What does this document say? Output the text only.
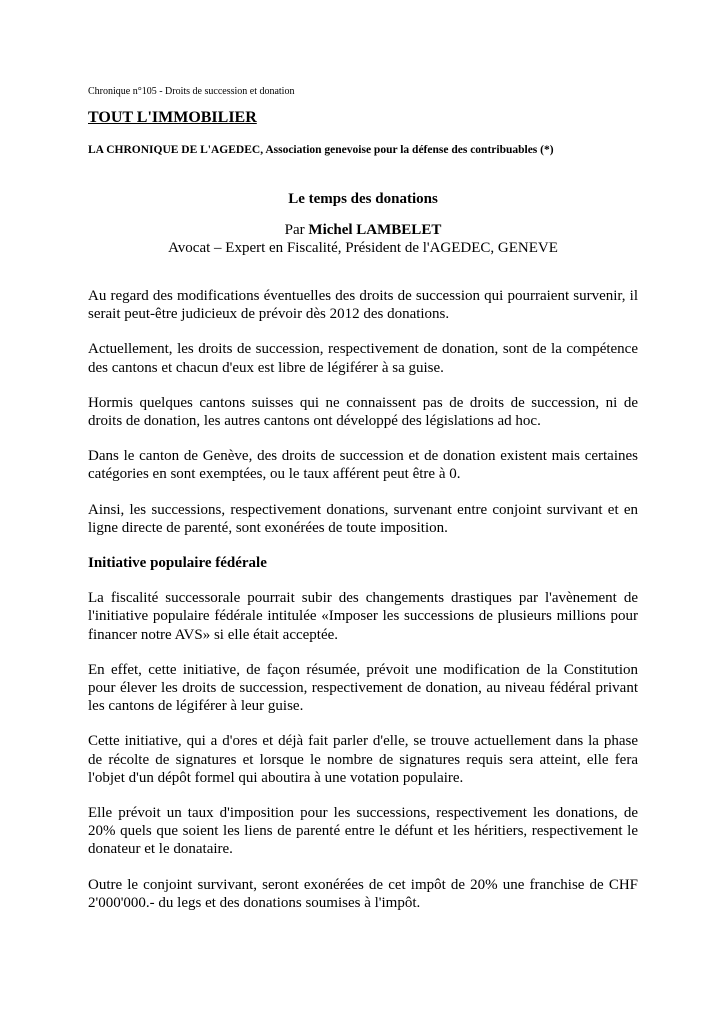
Chronique n°105 - Droits de succession et donation
TOUT L'IMMOBILIER
LA CHRONIQUE DE L'AGEDEC, Association genevoise pour la défense des contribuables (*)
Le temps des donations
Par Michel LAMBELET
Avocat – Expert en Fiscalité, Président de l'AGEDEC, GENEVE

Au regard des modifications éventuelles des droits de succession qui pourraient survenir, il serait peut-être judicieux de prévoir dès 2012 des donations.

Actuellement, les droits de succession, respectivement de donation, sont de la compétence des cantons et chacun d'eux est libre de légiférer à sa guise.

Hormis quelques cantons suisses qui ne connaissent pas de droits de succession, ni de droits de donation, les autres cantons ont développé des législations ad hoc.

Dans le canton de Genève, des droits de succession et de donation existent mais certaines catégories en sont exemptées, ou le taux afférent peut être à 0.

Ainsi, les successions, respectivement donations, survenant entre conjoint survivant et en ligne directe de parenté, sont exonérées de toute imposition.

Initiative populaire fédérale

La fiscalité successorale pourrait subir des changements drastiques par l'avènement de l'initiative populaire fédérale intitulée «Imposer les successions de plusieurs millions pour financer notre AVS» si elle était acceptée.

En effet, cette initiative, de façon résumée, prévoit une modification de la Constitution pour élever les droits de succession, respectivement de donation, au niveau fédéral privant les cantons de légiférer à leur guise.

Cette initiative, qui a d'ores et déjà fait parler d'elle, se trouve actuellement dans la phase de récolte de signatures et lorsque le nombre de signatures requis sera atteint, elle fera l'objet d'un dépôt formel qui aboutira à une votation populaire.

Elle prévoit un taux d'imposition pour les successions, respectivement les donations, de 20% quels que soient les liens de parenté entre le défunt et les héritiers, respectivement le donateur et le donataire.

Outre le conjoint survivant, seront exonérées de cet impôt de 20% une franchise de CHF 2'000'000.- du legs et des donations soumises à l'impôt.
